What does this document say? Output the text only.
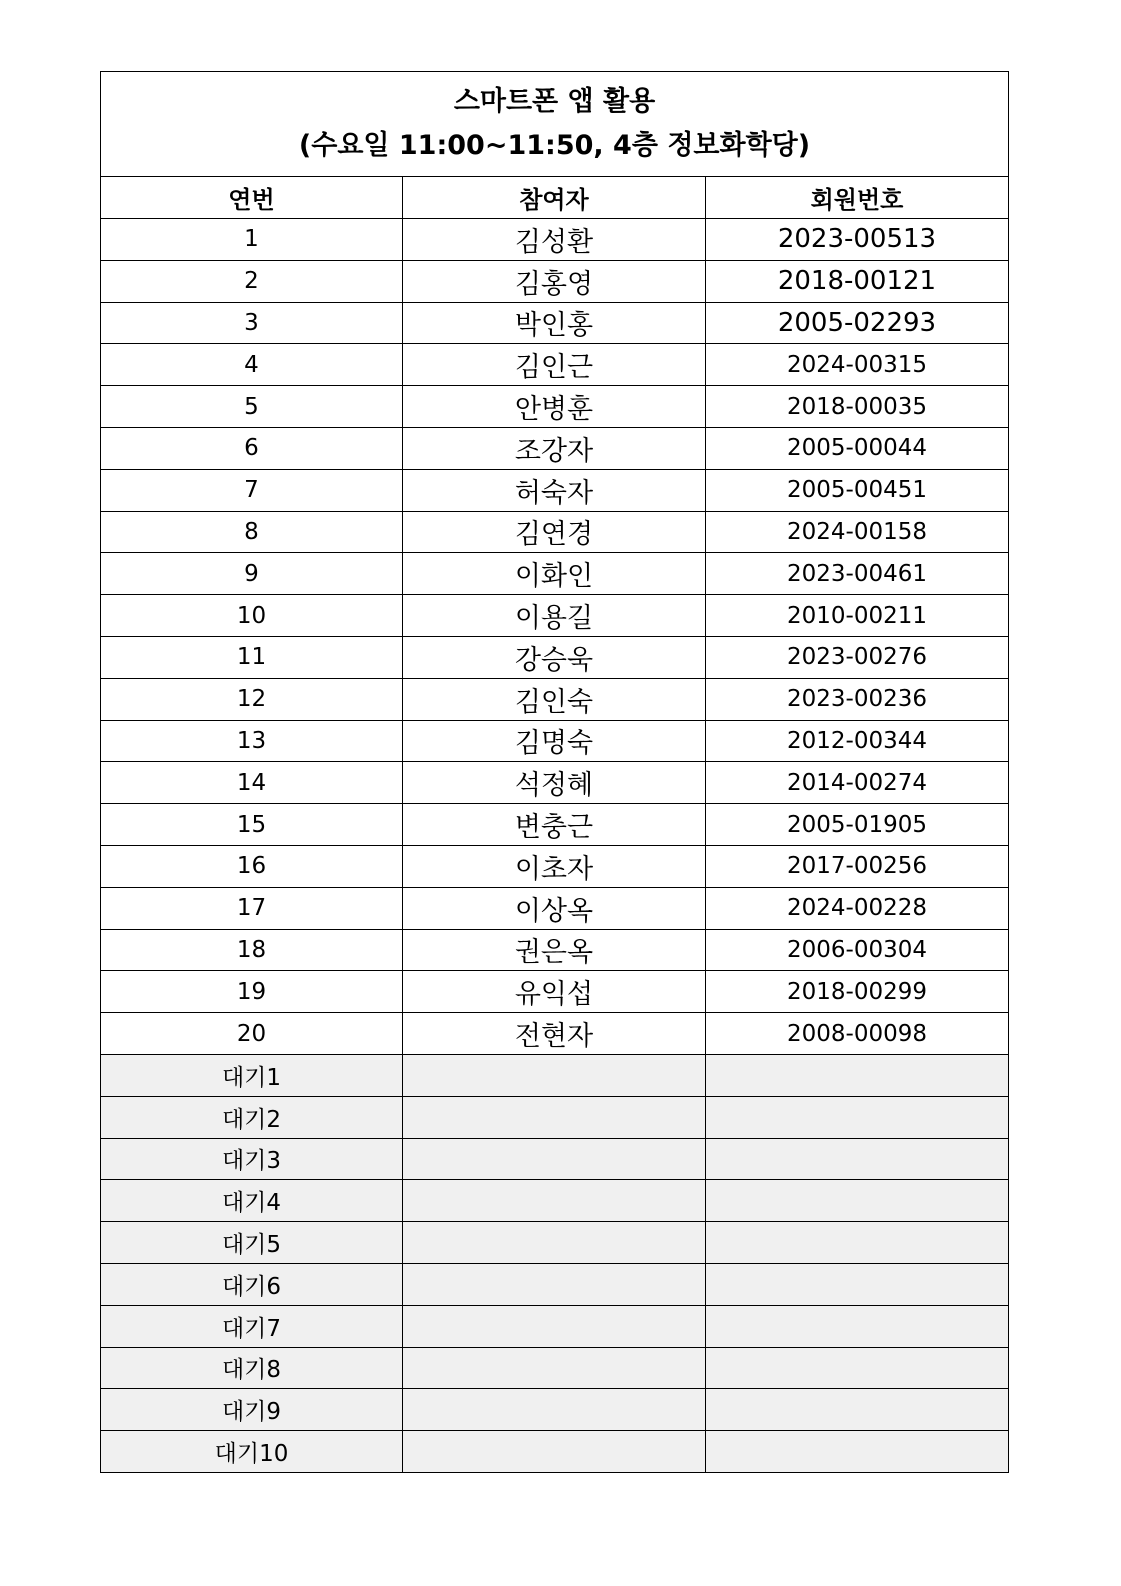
스마트폰 앱 활용
(수요일 11:00~11:50, 4층 정보화학당)		

연번	참여자	회원번호
1	김성환	2023-00513
2	김홍영	2018-00121
3	박인홍	2005-02293
4	김인근	2024-00315
5	안병훈	2018-00035
6	조강자	2005-00044
7	허숙자	2005-00451
8	김연경	2024-00158
9	이화인	2023-00461
10	이용길	2010-00211
11	강승욱	2023-00276
12	김인숙	2023-00236
13	김명숙	2012-00344
14	석정혜	2014-00274
15	변충근	2005-01905
16	이초자	2017-00256
17	이상옥	2024-00228
18	권은옥	2006-00304
19	유익섭	2018-00299
20	전현자	2008-00098
대기1		
대기2		
대기3		
대기4		
대기5		
대기6		
대기7		
대기8		
대기9		
대기10		
